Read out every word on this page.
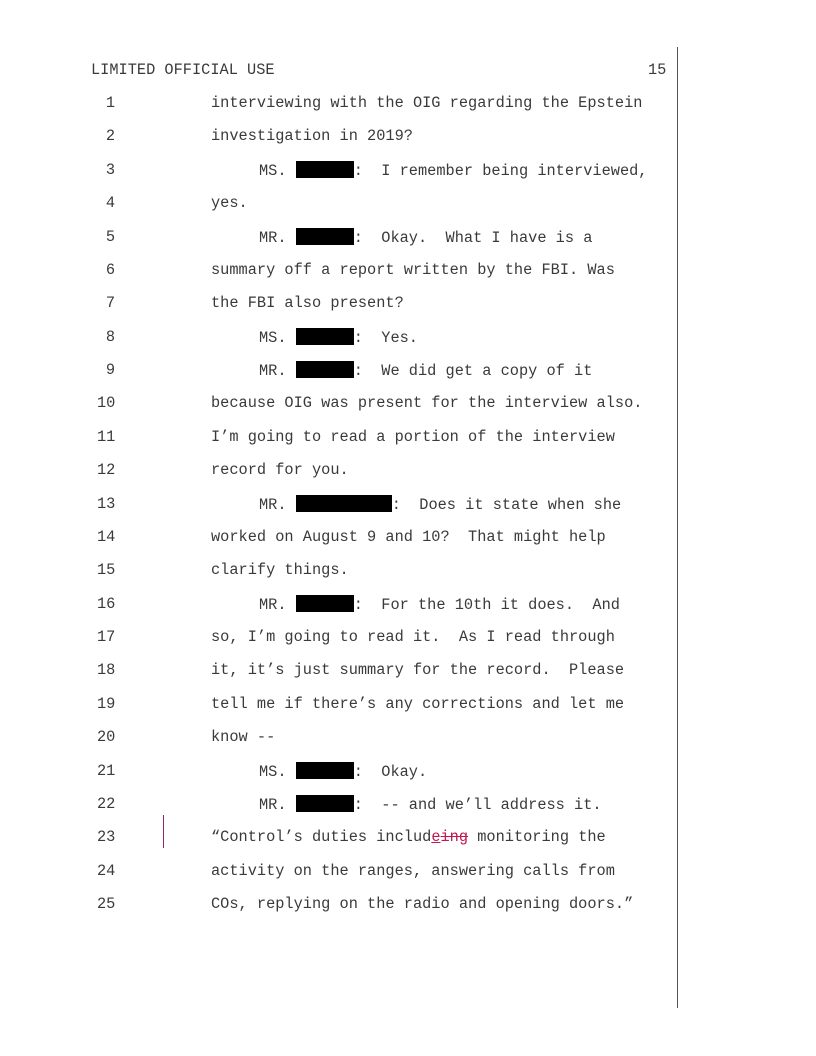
LIMITED OFFICIAL USE	15
1	interviewing with the OIG regarding the Epstein
2	investigation in 2019?
3	MS.	:  I remember being interviewed,
4	yes.
5	MR.	:  Okay.  What I have is a
6	summary off a report written by the FBI. Was
7	the FBI also present?
8	MS.	:  Yes.
9	MR.	:  We did get a copy of it
10	because OIG was present for the interview also.
11	I’m going to read a portion of the interview
12	record for you.
13	MR.	:  Does it state when she
14	worked on August 9 and 10?  That might help
15	clarify things.
16	MR.	:  For the 10th it does.  And
17	so, I’m going to read it.  As I read through
18	it, it’s just summary for the record.  Please
19	tell me if there’s any corrections and let me
20	know --
21	MS.	:  Okay.
22	MR.	:  -- and we’ll address it.
23	“Control’s duties includeing monitoring the
24	activity on the ranges, answering calls from
25	COs, replying on the radio and opening doors.”
